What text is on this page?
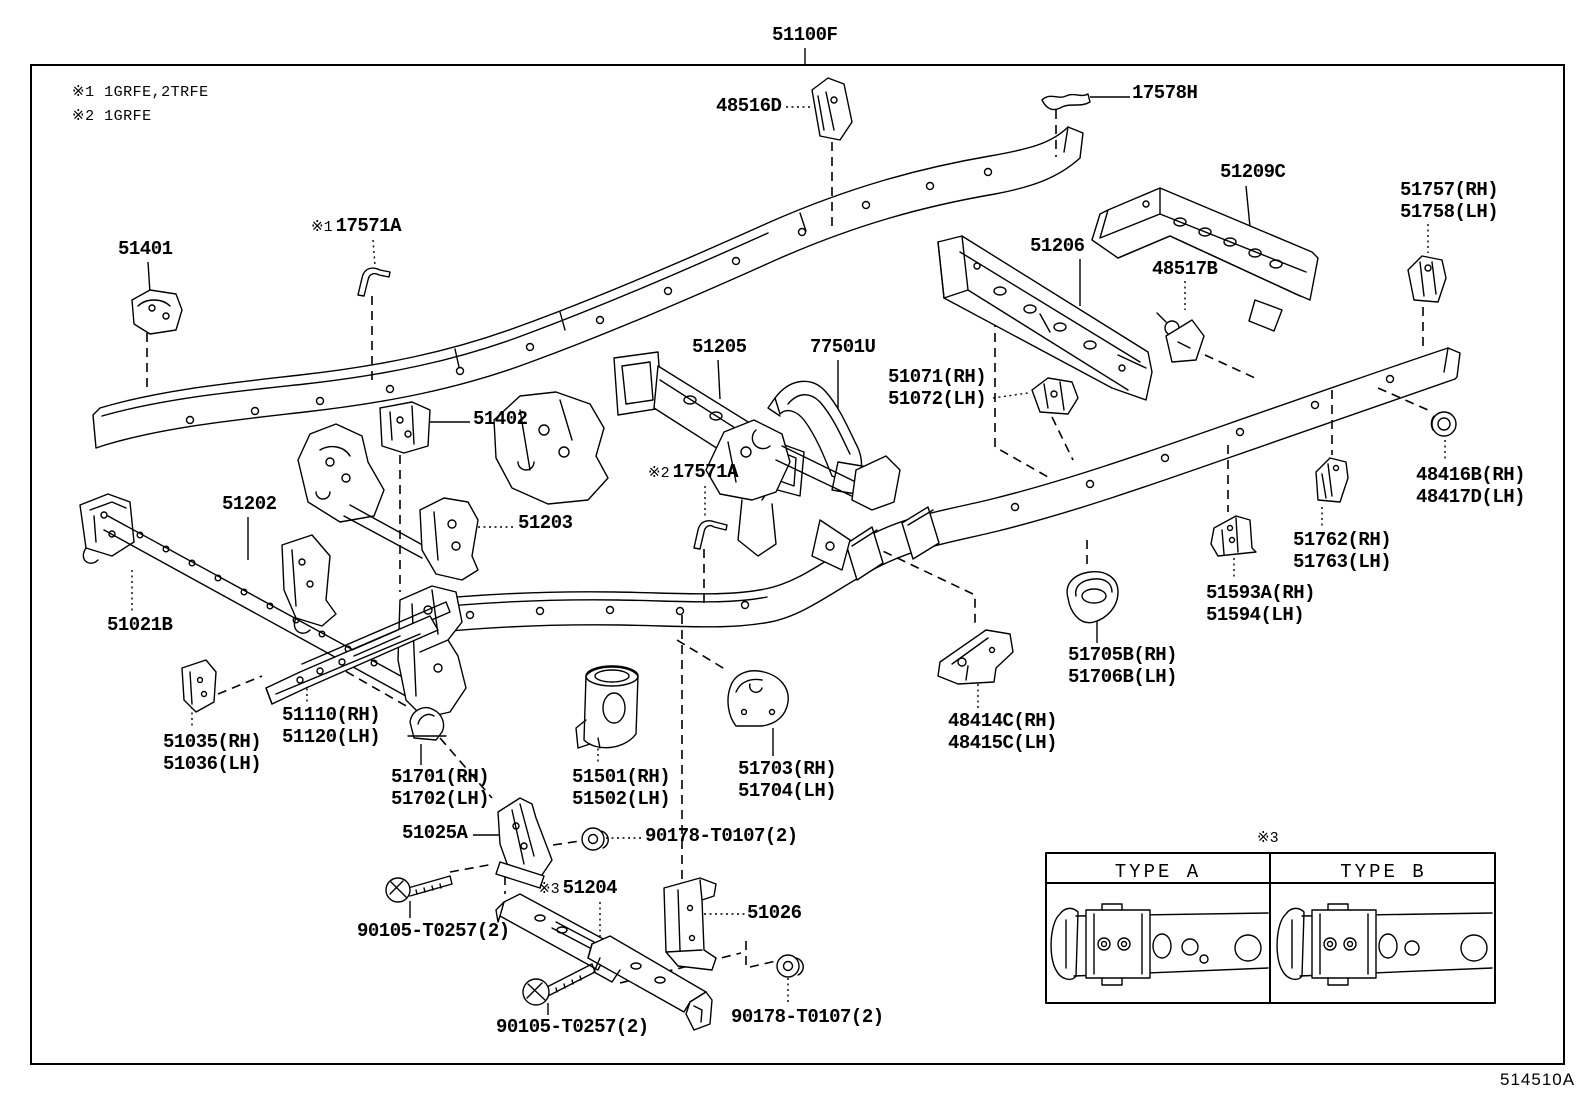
※1 1GRFE,2TRFE
※2 1GRFE
TYPE A	TYPE B
514510A
51100F
48516D
17578H
51209C
51757(RH)
51758(LH)
48517B
51206
51401
※1 17571A
51205	77501U
51071(RH)
51072(LH)
51402
※2 17571A
51202
51203
48416B(RH)
48417D(LH)
51762(RH)
51763(LH)
51593A(RH)
51594(LH)
51021B
51705B(RH)
51706B(LH)
51110(RH)
51120(LH)
48414C(RH)
48415C(LH)
51035(RH)
51036(LH)
51701(RH)
51702(LH)
51501(RH)
51502(LH)
51703(RH)
51704(LH)
51025A	90178-T0107(2)
※3 51204
51026
90105-T0257(2)
90178-T0107(2)
90105-T0257(2)
※3
